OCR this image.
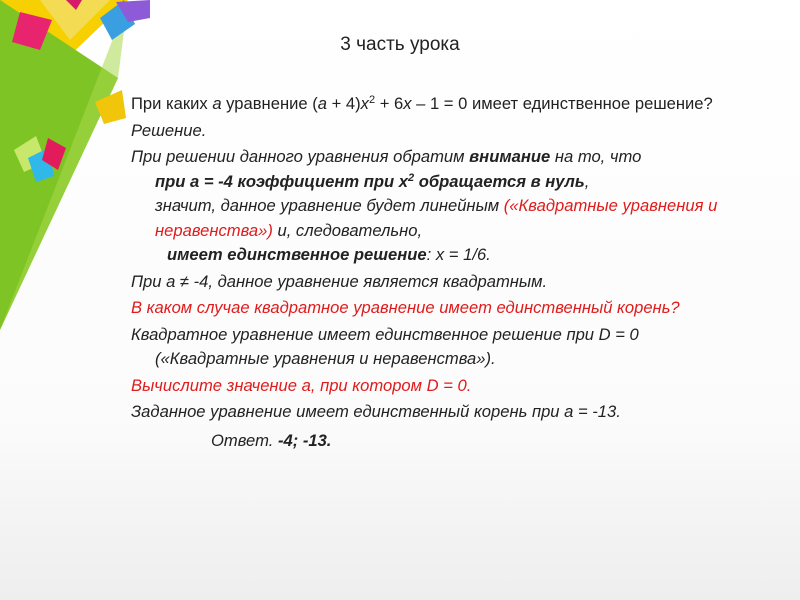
3 часть урока

При каких а уравнение $(а + 4)х^2 + 6х - 1 = 0$ имеет единственное решение?

Решение.

При решении данного уравнения обратим внимание на то, что
при а = -4 коэффициент при $х^2$ обращается в нуль,
значит, данное уравнение будет линейным («Квадратные уравнения и неравенства») и, следовательно,

имеет единственное решение: х = 1/6.

При а ≠ -4, данное уравнение является квадратным.

В каком случае квадратное уравнение имеет единственный корень?

Квадратное уравнение имеет единственное решение при D = 0 («Квадратные уравнения и неравенства»).

Вычислите значение а, при котором D = 0.

Заданное уравнение имеет единственный корень при а = -13.

Ответ. -4; -13.
